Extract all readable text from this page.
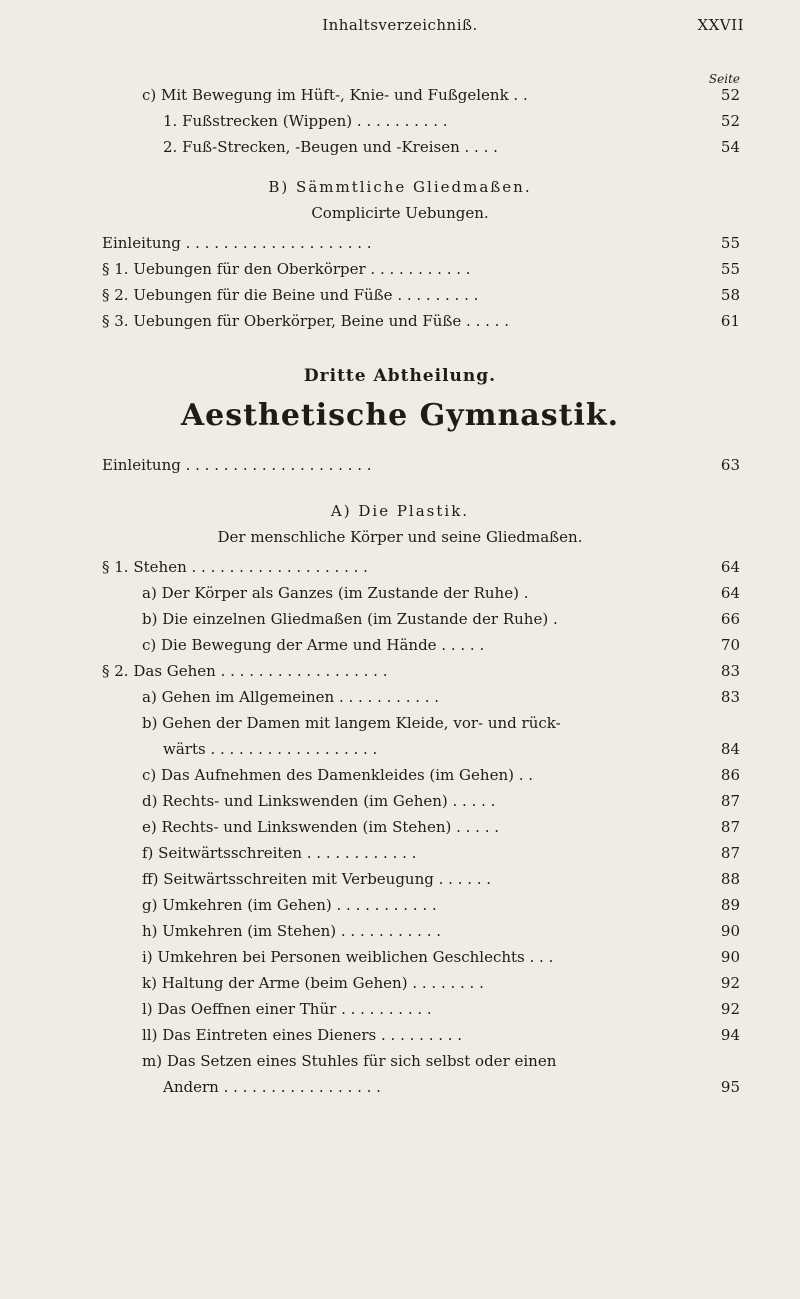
Inhaltsverzeichniß.	XXVII
Seite
c) Mit Bewegung im Hüft-, Knie- und Fußgelenk . .	52
1. Fußstrecken (Wippen) . . . . . . . . . .	52
2. Fuß-Strecken, -Beugen und -Kreisen . . . .	54
B) Sämmtliche Gliedmaßen.
Complicirte Uebungen.
Einleitung . . . . . . . . . . . . . . . . . . . .	55
§ 1. Uebungen für den Oberkörper . . . . . . . . . . .	55
§ 2. Uebungen für die Beine und Füße . . . . . . . . .	58
§ 3. Uebungen für Oberkörper, Beine und Füße . . . . .	61
Dritte Abtheilung.
Aesthetische Gymnastik.
Einleitung . . . . . . . . . . . . . . . . . . . .	63
A) Die Plastik.
Der menschliche Körper und seine Gliedmaßen.
§ 1. Stehen . . . . . . . . . . . . . . . . . . .	64
a) Der Körper als Ganzes (im Zustande der Ruhe) .	64
b) Die einzelnen Gliedmaßen (im Zustande der Ruhe) .	66
c) Die Bewegung der Arme und Hände . . . . .	70
§ 2. Das Gehen . . . . . . . . . . . . . . . . . .	83
a) Gehen im Allgemeinen . . . . . . . . . . .	83
b) Gehen der Damen mit langem Kleide, vor- und rück-
wärts . . . . . . . . . . . . . . . . . .	84
c) Das Aufnehmen des Damenkleides (im Gehen) . .	86
d) Rechts- und Linkswenden (im Gehen) . . . . .	87
e) Rechts- und Linkswenden (im Stehen) . . . . .	87
f) Seitwärtsschreiten . . . . . . . . . . . .	87
ff) Seitwärtsschreiten mit Verbeugung . . . . . .	88
g) Umkehren (im Gehen) . . . . . . . . . . .	89
h) Umkehren (im Stehen) . . . . . . . . . . .	90
i) Umkehren bei Personen weiblichen Geschlechts . . .	90
k) Haltung der Arme (beim Gehen) . . . . . . . .	92
l) Das Oeffnen einer Thür . . . . . . . . . .	92
ll) Das Eintreten eines Dieners . . . . . . . . .	94
m) Das Setzen eines Stuhles für sich selbst oder einen
Andern . . . . . . . . . . . . . . . . .	95
